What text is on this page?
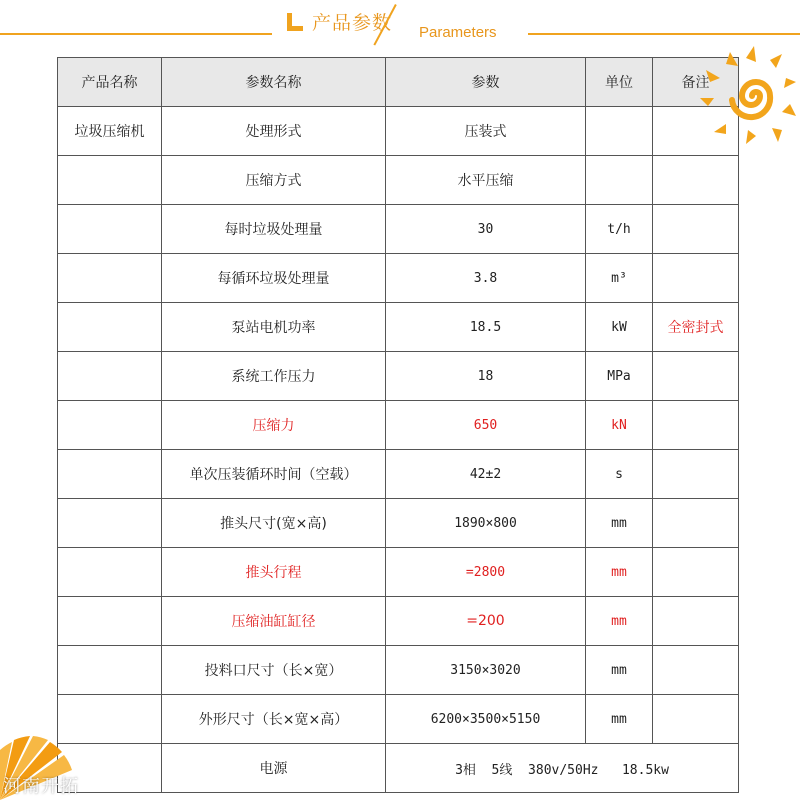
产品参数 Parameters
产品名称	参数名称	参数	单位	备注
垃圾压缩机	处理形式	压装式		
	压缩方式	水平压缩		
	每时垃圾处理量	30	t/h	
	每循环垃圾处理量	3.8	m³	
	泵站电机功率	18.5	kW	全密封式
	系统工作压力	18	MPa	
	压缩力	650	kN	
	单次压装循环时间（空载）	42±2	s	
	推头尺寸(宽×高)	1890×800	mm	
	推头行程	=2800	mm	
	压缩油缸缸径	=200	mm	
	投料口尺寸（长×宽）	3150×3020	mm	
	外形尺寸（长×宽×高）	6200×3500×5150	mm	
	电源	3相  5线  380v/50Hz   18.5kw		
河南开拓
